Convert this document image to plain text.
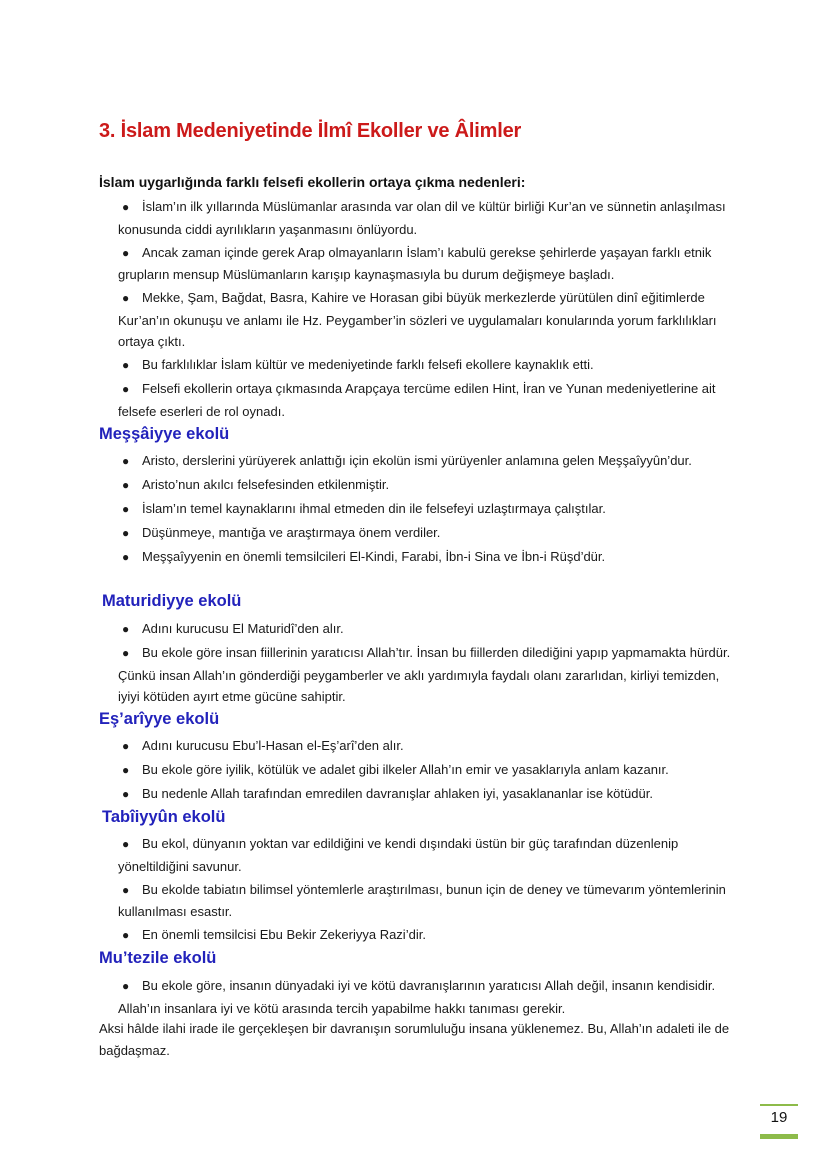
3. İslam Medeniyetinde İlmî Ekoller ve Âlimler

İslam uygarlığında farklı felsefi ekollerin ortaya çıkma nedenleri:

● İslam’ın ilk yıllarında Müslümanlar arasında var olan dil ve kültür birliği Kur’an ve sünnetin anlaşılması konusunda ciddi ayrılıkların yaşanmasını önlüyordu.
● Ancak zaman içinde gerek Arap olmayanların İslam’ı kabulü gerekse şehirlerde yaşayan farklı etnik grupların mensup Müslümanların karışıp kaynaşmasıyla bu durum değişmeye başladı.
● Mekke, Şam, Bağdat, Basra, Kahire ve Horasan gibi büyük merkezlerde yürütülen dinî eğitimlerde Kur’an’ın okunuşu ve anlamı ile Hz. Peygamber’in sözleri ve uygulamaları konularında yorum farklılıkları ortaya çıktı.
● Bu farklılıklar İslam kültür ve medeniyetinde farklı felsefi ekollere kaynaklık etti.
● Felsefi ekollerin ortaya çıkmasında Arapçaya tercüme edilen Hint, İran ve Yunan medeniyetlerine ait felsefe eserleri de rol oynadı.
Meşşâiyye ekolü
● Aristo, derslerini yürüyerek anlattığı için ekolün ismi yürüyenler anlamına gelen Meşşaîyyûn’dur.
● Aristo’nun akılcı felsefesinden etkilenmiştir.
● İslam’ın temel kaynaklarını ihmal etmeden din ile felsefeyi uzlaştırmaya çalıştılar.
● Düşünmeye, mantığa ve araştırmaya önem verdiler.
● Meşşaîyyenin en önemli temsilcileri El-Kindi, Farabi, İbn-i Sina ve İbn-i Rüşd’dür.
Maturidiyye ekolü
● Adını kurucusu El Maturidî’den alır.
● Bu ekole göre insan fiillerinin yaratıcısı Allah’tır. İnsan bu fiillerden dilediğini yapıp yapmamakta hürdür. Çünkü insan Allah’ın gönderdiği peygamberler ve aklı yardımıyla faydalı olanı zararlıdan, kirliyi temizden, iyiyi kötüden ayırt etme gücüne sahiptir.
Eş’arîyye ekolü
● Adını kurucusu Ebu’l-Hasan el-Eş’arî’den alır.
● Bu ekole göre iyilik, kötülük ve adalet gibi ilkeler Allah’ın emir ve yasaklarıyla anlam kazanır.
● Bu nedenle Allah tarafından emredilen davranışlar ahlaken iyi, yasaklananlar ise kötüdür.
Tabîiyyûn ekolü
● Bu ekol, dünyanın yoktan var edildiğini ve kendi dışındaki üstün bir güç tarafından düzenlenip yöneltildiğini savunur.
● Bu ekolde tabiatın bilimsel yöntemlerle araştırılması, bunun için de deney ve tümevarım yöntemlerinin kullanılması esastır.
● En önemli temsilcisi Ebu Bekir Zekeriyya Razi’dir.
Mu’tezile ekolü
● Bu ekole göre, insanın dünyadaki iyi ve kötü davranışlarının yaratıcısı Allah değil, insanın kendisidir. Allah’ın insanlara iyi ve kötü arasında tercih yapabilme hakkı tanıması gerekir.

Aksi hâlde ilahi irade ile gerçekleşen bir davranışın sorumluluğu insana yüklenemez. Bu, Allah’ın adaleti ile de bağdaşmaz.

19
